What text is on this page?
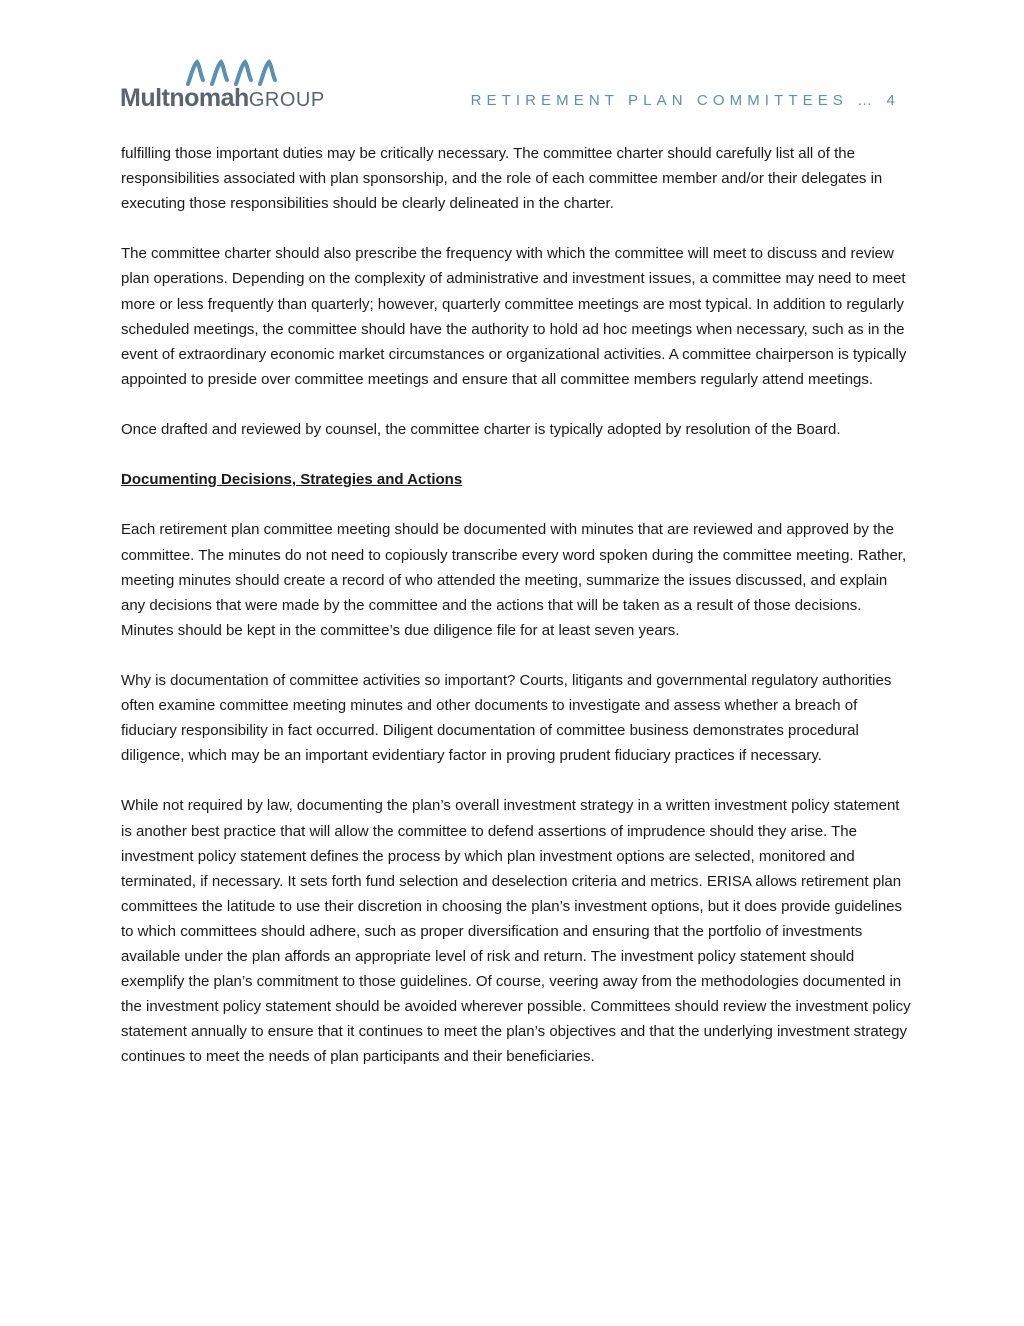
MultnomahGROUP	RETIREMENT PLAN COMMITTEES … 4

fulfilling those important duties may be critically necessary. The committee charter should carefully list all of the responsibilities associated with plan sponsorship, and the role of each committee member and/or their delegates in executing those responsibilities should be clearly delineated in the charter.

The committee charter should also prescribe the frequency with which the committee will meet to discuss and review plan operations. Depending on the complexity of administrative and investment issues, a committee may need to meet more or less frequently than quarterly; however, quarterly committee meetings are most typical. In addition to regularly scheduled meetings, the committee should have the authority to hold ad hoc meetings when necessary, such as in the event of extraordinary economic market circumstances or organizational activities. A committee chairperson is typically appointed to preside over committee meetings and ensure that all committee members regularly attend meetings.

Once drafted and reviewed by counsel, the committee charter is typically adopted by resolution of the Board.

Documenting Decisions, Strategies and Actions

Each retirement plan committee meeting should be documented with minutes that are reviewed and approved by the committee. The minutes do not need to copiously transcribe every word spoken during the committee meeting. Rather, meeting minutes should create a record of who attended the meeting, summarize the issues discussed, and explain any decisions that were made by the committee and the actions that will be taken as a result of those decisions. Minutes should be kept in the committee’s due diligence file for at least seven years.

Why is documentation of committee activities so important? Courts, litigants and governmental regulatory authorities often examine committee meeting minutes and other documents to investigate and assess whether a breach of fiduciary responsibility in fact occurred. Diligent documentation of committee business demonstrates procedural diligence, which may be an important evidentiary factor in proving prudent fiduciary practices if necessary.

While not required by law, documenting the plan’s overall investment strategy in a written investment policy statement is another best practice that will allow the committee to defend assertions of imprudence should they arise. The investment policy statement defines the process by which plan investment options are selected, monitored and terminated, if necessary. It sets forth fund selection and deselection criteria and metrics. ERISA allows retirement plan committees the latitude to use their discretion in choosing the plan’s investment options, but it does provide guidelines to which committees should adhere, such as proper diversification and ensuring that the portfolio of investments available under the plan affords an appropriate level of risk and return. The investment policy statement should exemplify the plan’s commitment to those guidelines. Of course, veering away from the methodologies documented in the investment policy statement should be avoided wherever possible. Committees should review the investment policy statement annually to ensure that it continues to meet the plan’s objectives and that the underlying investment strategy continues to meet the needs of plan participants and their beneficiaries.
